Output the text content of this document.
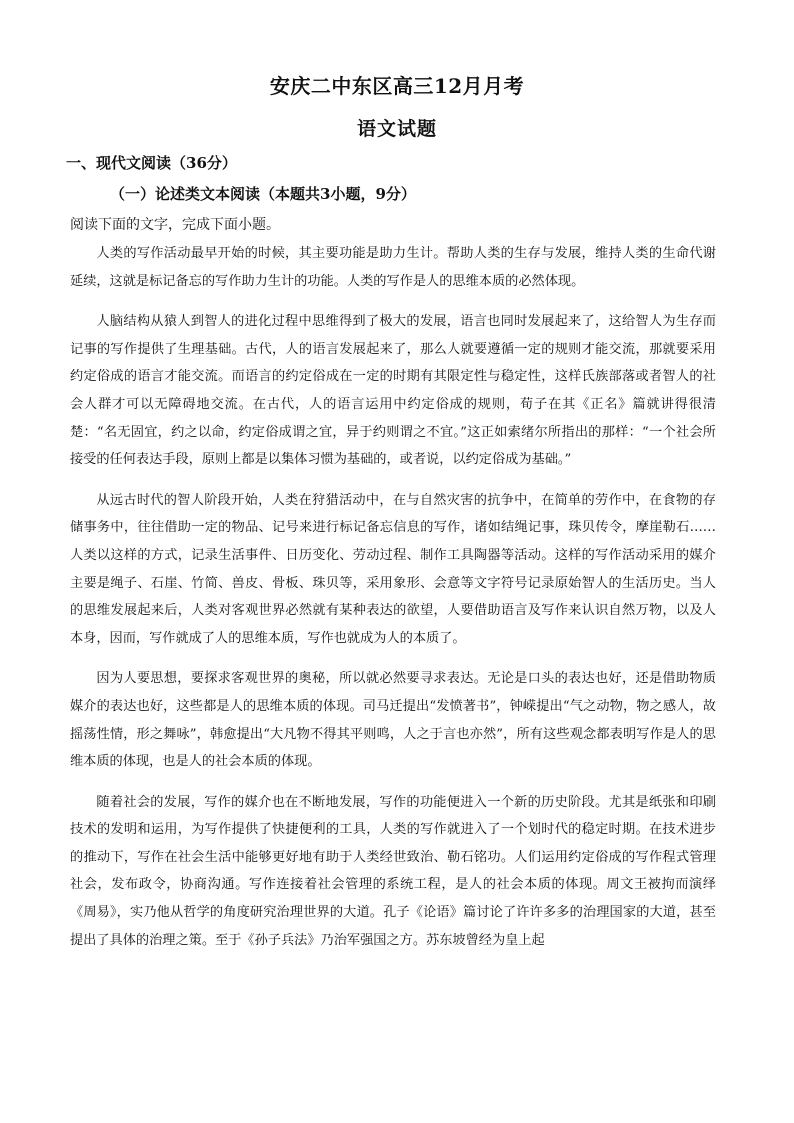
安庆二中东区高三12月月考
语文试题
一、现代文阅读（36分）
（一）论述类文本阅读（本题共3小题，9分）
阅读下面的文字，完成下面小题。

人类的写作活动最早开始的时候，其主要功能是助力生计。帮助人类的生存与发展，维持人类的生命代谢延续，这就是标记备忘的写作助力生计的功能。人类的写作是人的思维本质的必然体现。

人脑结构从猿人到智人的进化过程中思维得到了极大的发展，语言也同时发展起来了，这给智人为生存而记事的写作提供了生理基础。古代，人的语言发展起来了，那么人就要遵循一定的规则才能交流，那就要采用约定俗成的语言才能交流。而语言的约定俗成在一定的时期有其限定性与稳定性，这样氏族部落或者智人的社会人群才可以无障碍地交流。在古代，人的语言运用中约定俗成的规则，荀子在其《正名》篇就讲得很清楚：“名无固宜，约之以命，约定俗成谓之宜，异于约则谓之不宜。”这正如索绪尔所指出的那样：“一个社会所接受的任何表达手段，原则上都是以集体习惯为基础的，或者说，以约定俗成为基础。”

从远古时代的智人阶段开始，人类在狩猎活动中，在与自然灾害的抗争中，在简单的劳作中，在食物的存储事务中，往往借助一定的物品、记号来进行标记备忘信息的写作，诸如结绳记事，珠贝传令，摩崖勒石……人类以这样的方式，记录生活事件、日历变化、劳动过程、制作工具陶器等活动。这样的写作活动采用的媒介主要是绳子、石崖、竹简、兽皮、骨板、珠贝等，采用象形、会意等文字符号记录原始智人的生活历史。当人的思维发展起来后，人类对客观世界必然就有某种表达的欲望，人要借助语言及写作来认识自然万物，以及人本身，因而，写作就成了人的思维本质，写作也就成为人的本质了。

因为人要思想，要探求客观世界的奥秘，所以就必然要寻求表达。无论是口头的表达也好，还是借助物质媒介的表达也好，这些都是人的思维本质的体现。司马迁提出“发愤著书”，钟嵘提出“气之动物，物之感人，故摇荡性情，形之舞咏”，韩愈提出“大凡物不得其平则鸣，人之于言也亦然”，所有这些观念都表明写作是人的思维本质的体现，也是人的社会本质的体现。

随着社会的发展，写作的媒介也在不断地发展，写作的功能便进入一个新的历史阶段。尤其是纸张和印刷技术的发明和运用，为写作提供了快捷便利的工具，人类的写作就进入了一个划时代的稳定时期。在技术进步的推动下，写作在社会生活中能够更好地有助于人类经世致治、勒石铭功。人们运用约定俗成的写作程式管理社会，发布政令，协商沟通。写作连接着社会管理的系统工程，是人的社会本质的体现。周文王被拘而演绎《周易》，实乃他从哲学的角度研究治理世界的大道。孔子《论语》篇讨论了许许多多的治理国家的大道，甚至提出了具体的治理之策。至于《孙子兵法》乃治军强国之方。苏东坡曾经为皇上起
